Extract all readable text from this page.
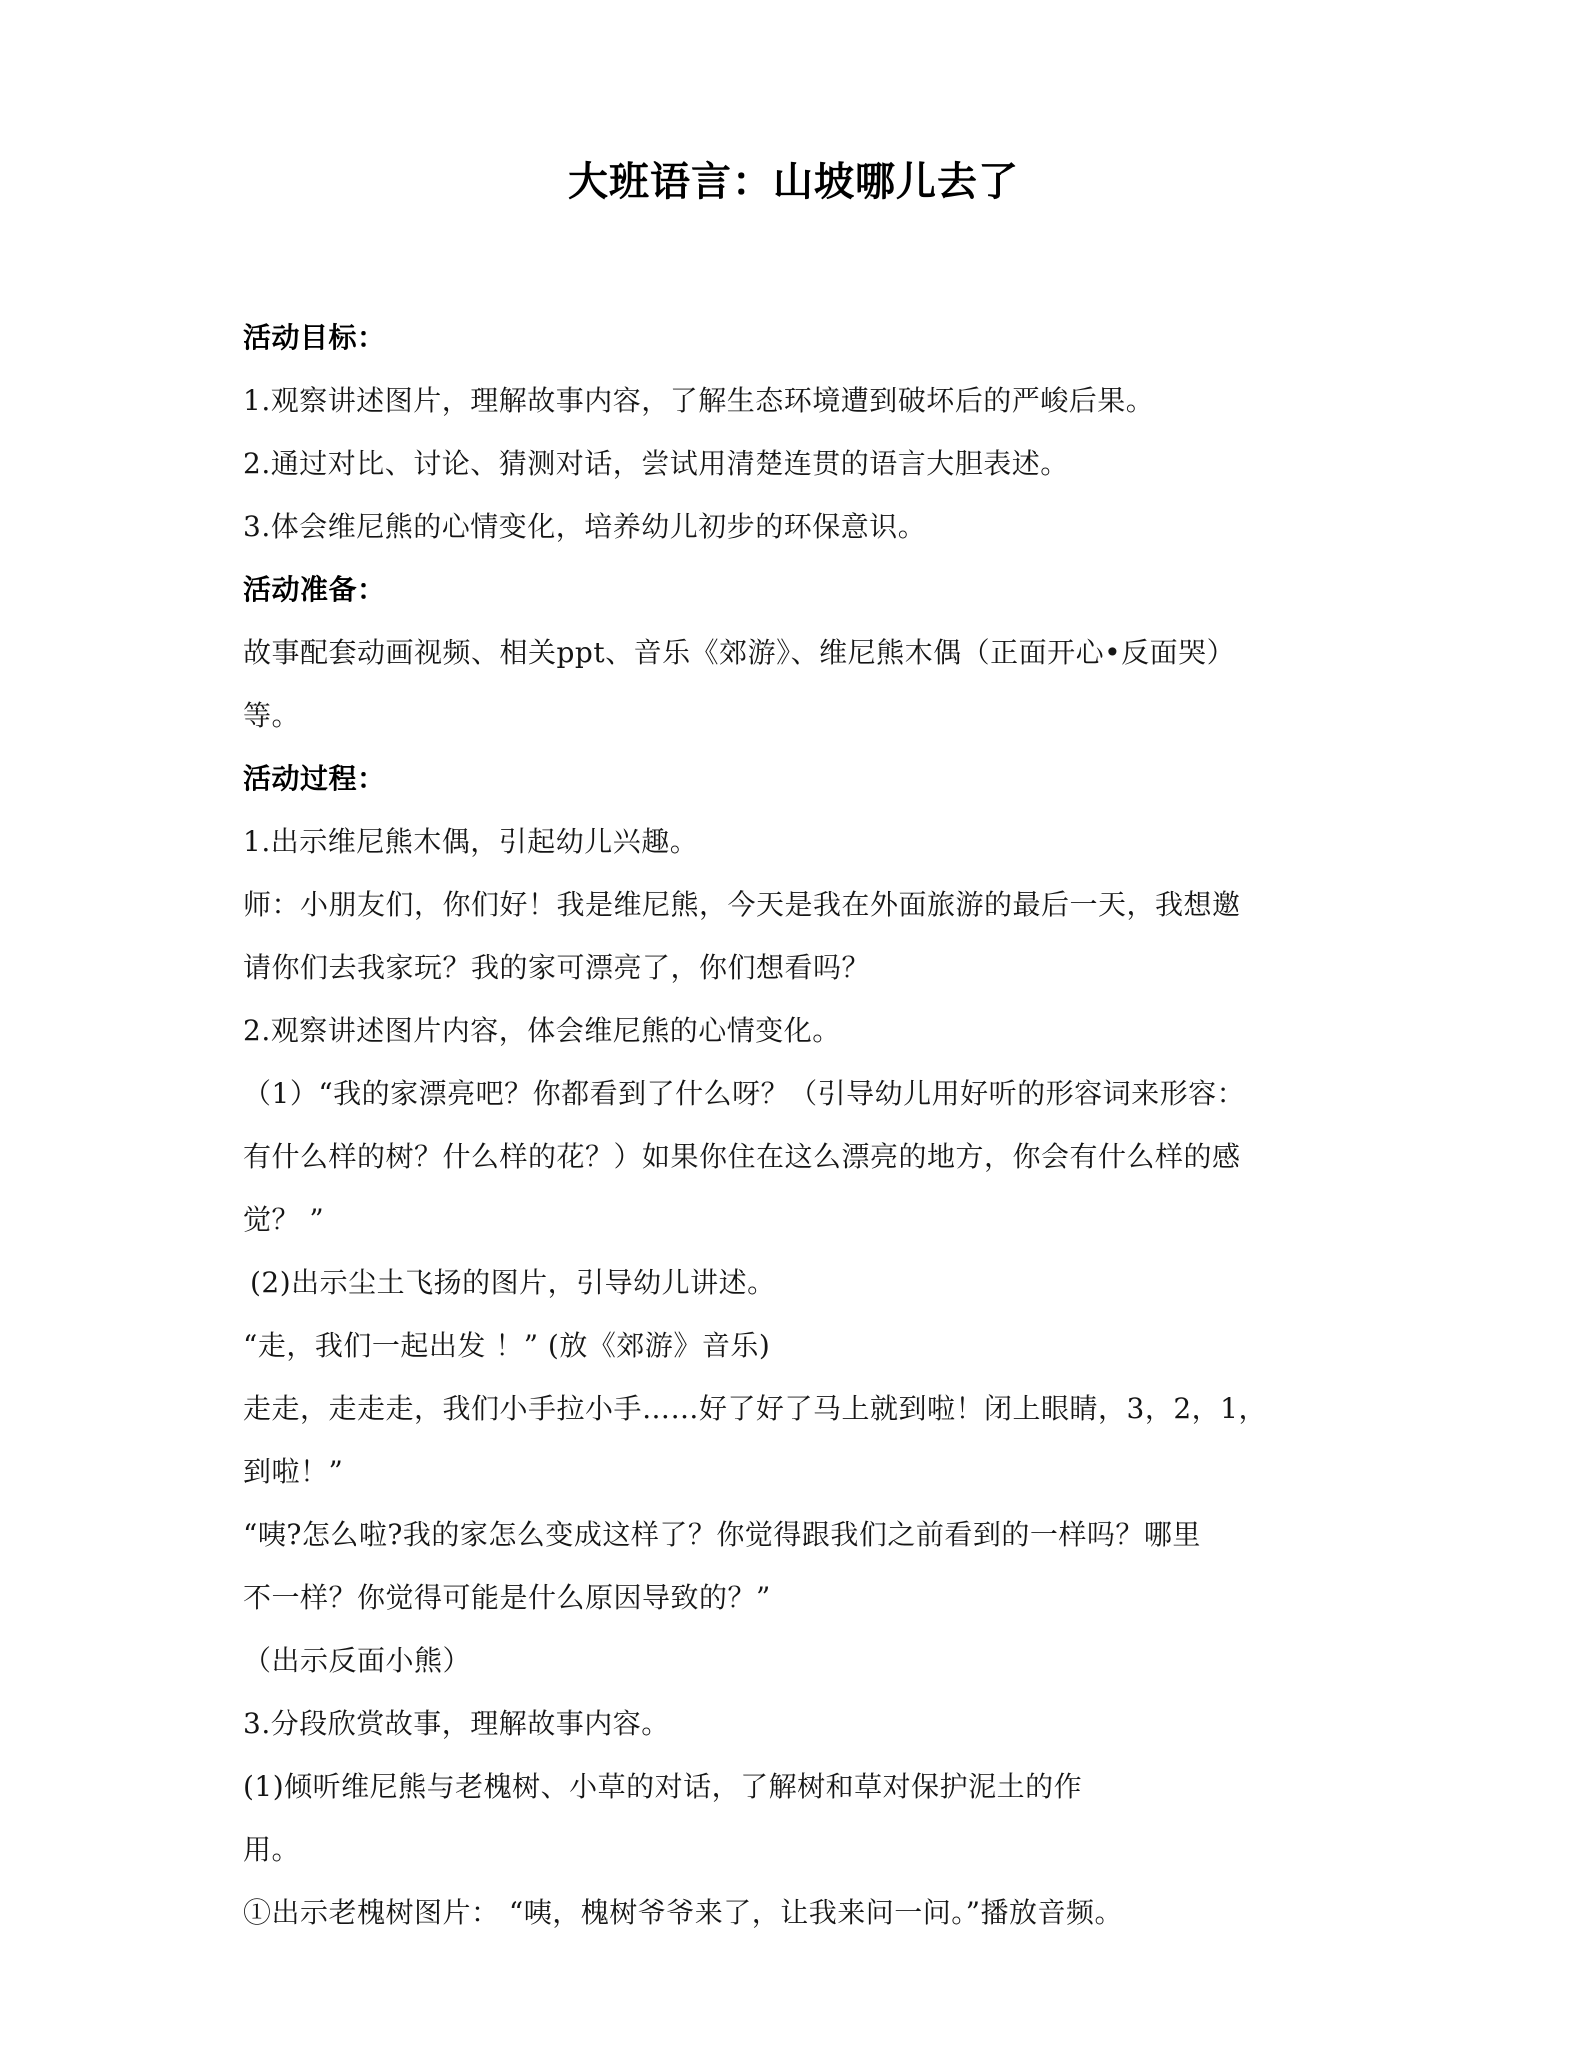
大班语言：山坡哪儿去了
活动目标：
1.观察讲述图片，理解故事内容，了解生态环境遭到破坏后的严峻后果。
2.通过对比、讨论、猜测对话，尝试用清楚连贯的语言大胆表述。
3.体会维尼熊的心情变化，培养幼儿初步的环保意识。
活动准备：
故事配套动画视频、相关ppt、音乐《郊游》、维尼熊木偶（正面开心•反面哭）
等。
活动过程：
1.出示维尼熊木偶，引起幼儿兴趣。
师：小朋友们，你们好！我是维尼熊，今天是我在外面旅游的最后一天，我想邀
请你们去我家玩？我的家可漂亮了，你们想看吗？
2.观察讲述图片内容，体会维尼熊的心情变化。
（1）“我的家漂亮吧？你都看到了什么呀？（引导幼儿用好听的形容词来形容：
有什么样的树？什么样的花？）如果你住在这么漂亮的地方，你会有什么样的感
觉？ ”
(2)出示尘土飞扬的图片，引导幼儿讲述。
“走，我们一起出发 ！” (放《郊游》音乐)
走走，走走走，我们小手拉小手……好了好了马上就到啦！闭上眼睛，3，2，1，
到啦！”
“咦?怎么啦?我的家怎么变成这样了？你觉得跟我们之前看到的一样吗？哪里
不一样？你觉得可能是什么原因导致的？”
（出示反面小熊）
3.分段欣赏故事，理解故事内容。
(1)倾听维尼熊与老槐树、小草的对话，了解树和草对保护泥土的作
用。
①出示老槐树图片： “咦，槐树爷爷来了，让我来问一问。”播放音频。
